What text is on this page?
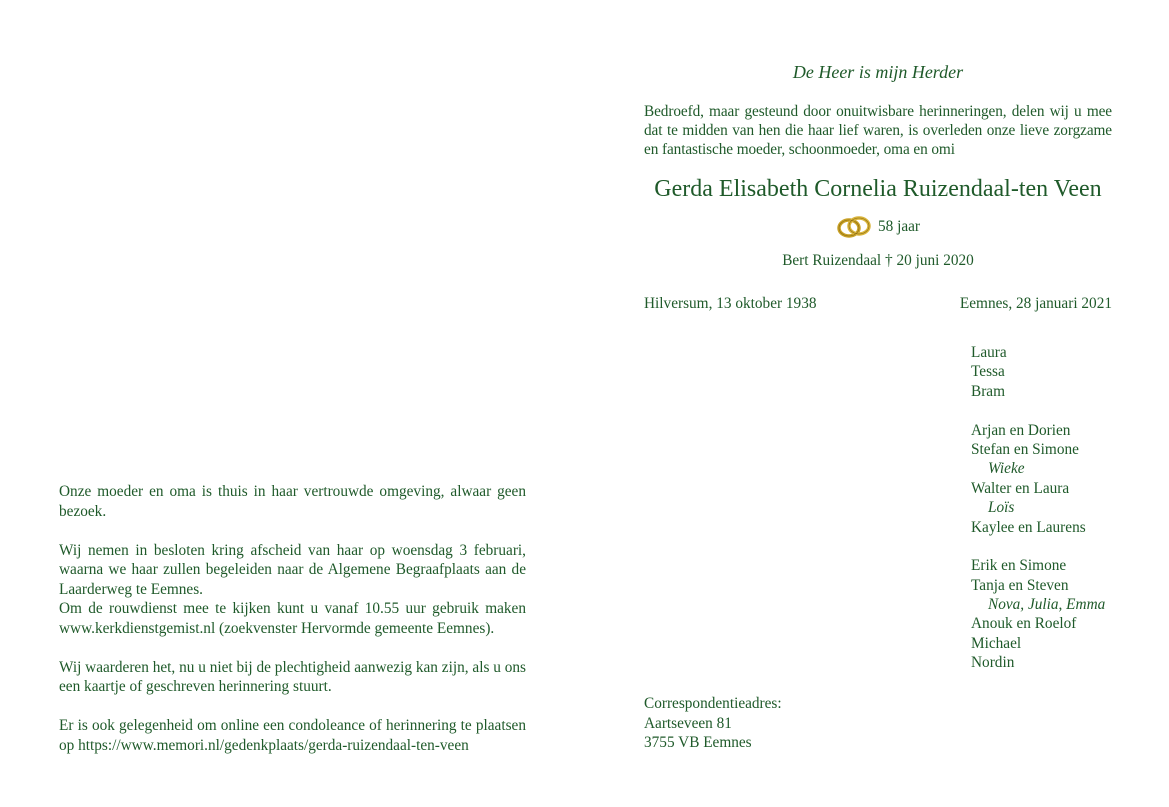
Onze moeder en oma is thuis in haar vertrouwde omgeving, alwaar geen bezoek.

Wij nemen in besloten kring afscheid van haar op woensdag 3 februari, waarna we haar zullen begeleiden naar de Algemene Begraafplaats aan de Laarderweg te Eemnes.

Om de rouwdienst mee te kijken kunt u vanaf 10.55 uur gebruik maken www.kerkdienstgemist.nl (zoekvenster Hervormde gemeente Eemnes).

Wij waarderen het, nu u niet bij de plechtigheid aanwezig kan zijn, als u ons een kaartje of geschreven herinnering stuurt.

Er is ook gelegenheid om online een condoleance of herinnering te plaatsen op https://www.memori.nl/gedenkplaats/gerda-ruizendaal-ten-veen

De Heer is mijn Herder

Bedroefd, maar gesteund door onuitwisbare herinneringen, delen wij u mee dat te midden van hen die haar lief waren, is overleden onze lieve zorgzame en fantastische moeder, schoonmoeder, oma en omi

Gerda Elisabeth Cornelia Ruizendaal-ten Veen

58 jaar
Bert Ruizendaal † 20 juni 2020
Hilversum, 13 oktober 1938	Eemnes, 28 januari 2021
Laura
Tessa
Bram
Arjan en Dorien
Stefan en Simone
Wieke
Walter en Laura
Loïs
Kaylee en Laurens
Erik en Simone
Tanja en Steven
Nova, Julia, Emma
Anouk en Roelof
Michael
Nordin
Correspondentieadres:
Aartseveen 81
3755 VB Eemnes
